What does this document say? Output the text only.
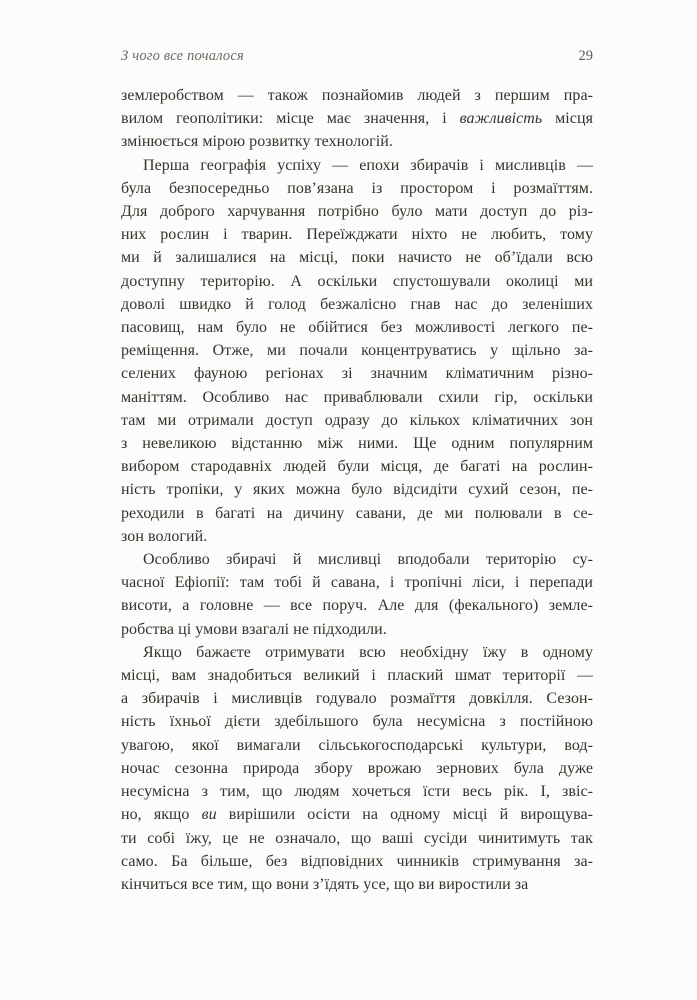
З чого все почалося	29
землеробством — також познайомив людей з першим пра-
вилом геополітики: місце має значення, і важливість місця
змінюється мірою розвитку технологій.
Перша географія успіху — епохи збирачів і мисливців —
була безпосередньо пов’язана із простором і розмаїттям.
Для доброго харчування потрібно було мати доступ до різ-
них рослин і тварин. Переїжджати ніхто не любить, тому
ми й залишалися на місці, поки начисто не об’їдали всю
доступну територію. А оскільки спустошували околиці ми
доволі швидко й голод безжалісно гнав нас до зеленіших
пасовищ, нам було не обійтися без можливості легкого пе-
реміщення. Отже, ми почали концентруватись у щільно за-
селених фауною регіонах зі значним кліматичним різно-
маніттям. Особливо нас приваблювали схили гір, оскільки
там ми отримали доступ одразу до кількох кліматичних зон
з невеликою відстанню між ними. Ще одним популярним
вибором стародавніх людей були місця, де багаті на рослин-
ність тропіки, у яких можна було відсидіти сухий сезон, пе-
реходили в багаті на дичину савани, де ми полювали в се-
зон вологий.
Особливо збирачі й мисливці вподобали територію су-
часної Ефіопії: там тобі й савана, і тропічні ліси, і перепади
висоти, а головне — все поруч. Але для (фекального) земле-
робства ці умови взагалі не підходили.
Якщо бажаєте отримувати всю необхідну їжу в одному
місці, вам знадобиться великий і плаский шмат території —
а збирачів і мисливців годувало розмаїття довкілля. Сезон-
ність їхньої дієти здебільшого була несумісна з постійною
увагою, якої вимагали сільськогосподарські культури, вод-
ночас сезонна природа збору врожаю зернових була дуже
несумісна з тим, що людям хочеться їсти весь рік. І, звіс-
но, якщо ви вирішили осісти на одному місці й вирощува-
ти собі їжу, це не означало, що ваші сусіди чинитимуть так
само. Ба більше, без відповідних чинників стримування за-
кінчиться все тим, що вони з’їдять усе, що ви виростили за
